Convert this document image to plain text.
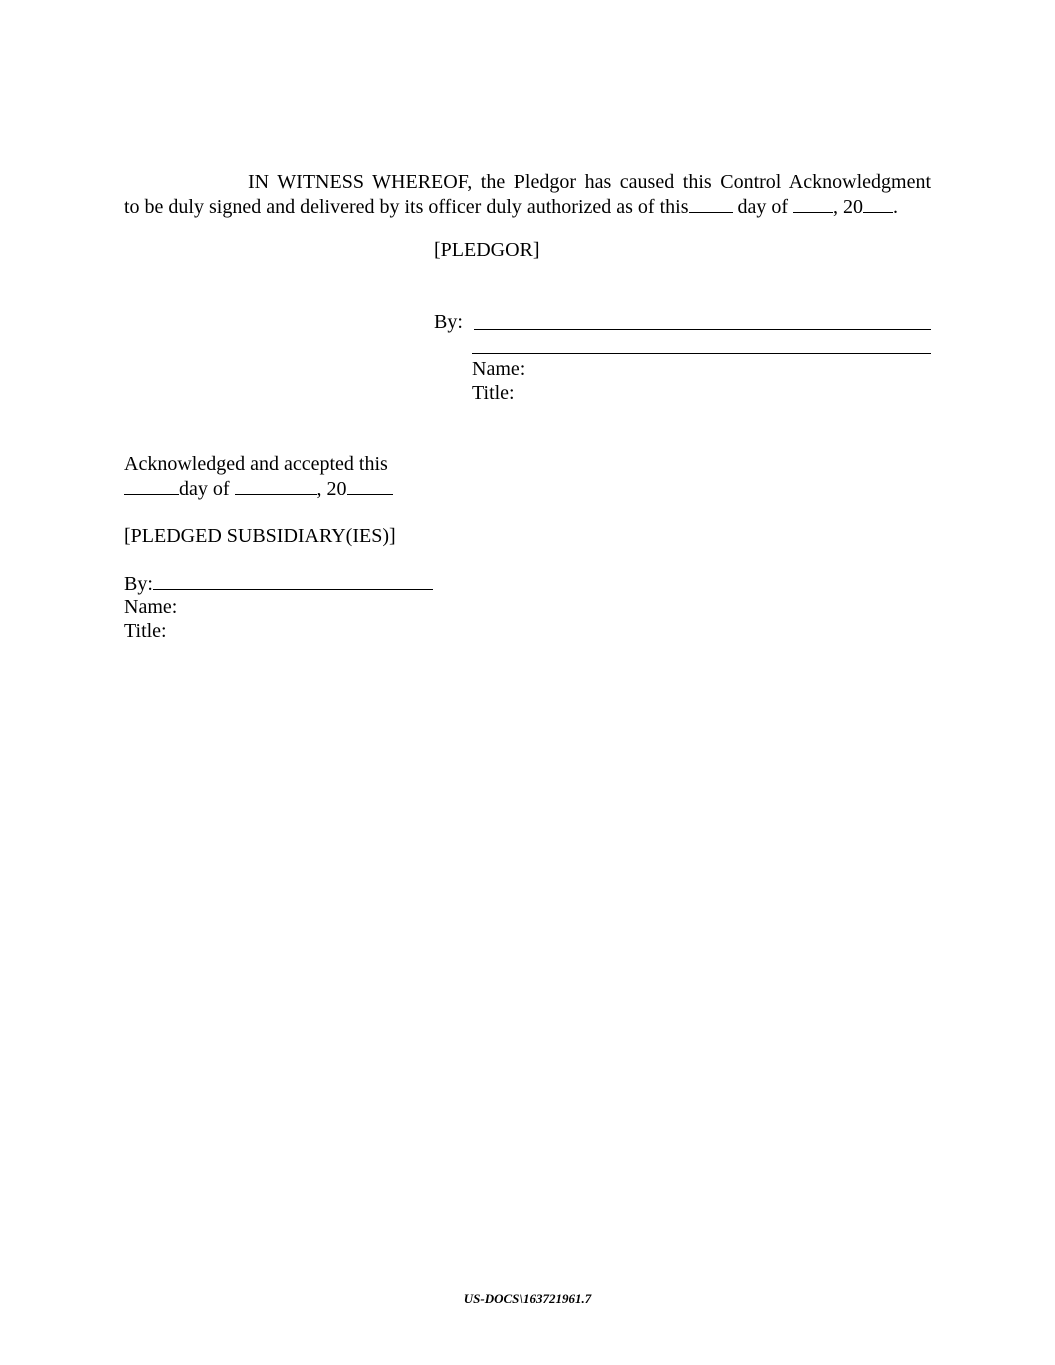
IN WITNESS WHEREOF, the Pledgor has caused this Control Acknowledgment
to be duly signed and delivered by its officer duly authorized as of this day of , 20 .
[PLEDGOR]
By:
Name:
Title:
Acknowledged and accepted this
day of	, 20
[PLEDGED SUBSIDIARY(IES)]
By:
Name:
Title:
US-DOCS\163721961.7
